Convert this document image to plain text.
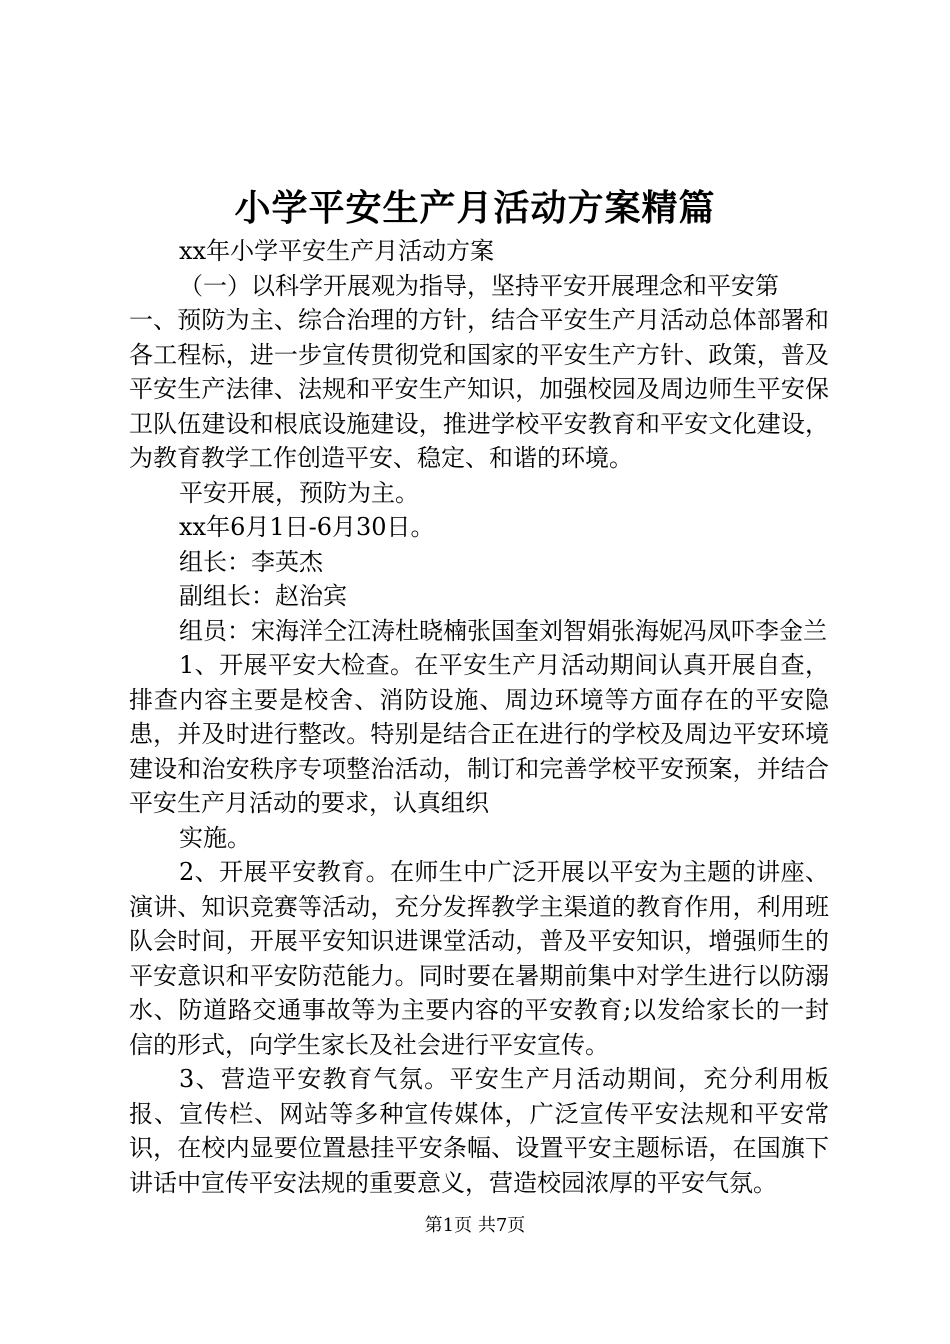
小学平安生产月活动方案精篇

xx年小学平安生产月活动方案

（一）以科学开展观为指导，坚持平安开展理念和平安第

一、预防为主、综合治理的方针，结合平安生产月活动总体部署和各工程标，进一步宣传贯彻党和国家的平安生产方针、政策，普及平安生产法律、法规和平安生产知识，加强校园及周边师生平安保卫队伍建设和根底设施建设，推进学校平安教育和平安文化建设，为教育教学工作创造平安、稳定、和谐的环境。

平安开展，预防为主。

xx年6月1日-6月30日。

组长：李英杰

副组长：赵治宾

组员：宋海洋仝江涛杜晓楠张国奎刘智娟张海妮冯凤吓李金兰

1、开展平安大检查。在平安生产月活动期间认真开展自查，排查内容主要是校舍、消防设施、周边环境等方面存在的平安隐患，并及时进行整改。特别是结合正在进行的学校及周边平安环境建设和治安秩序专项整治活动，制订和完善学校平安预案，并结合平安生产月活动的要求，认真组织

实施。

2、开展平安教育。在师生中广泛开展以平安为主题的讲座、演讲、知识竞赛等活动，充分发挥教学主渠道的教育作用，利用班队会时间，开展平安知识进课堂活动，普及平安知识，增强师生的平安意识和平安防范能力。同时要在暑期前集中对学生进行以防溺水、防道路交通事故等为主要内容的平安教育;以发给家长的一封信的形式，向学生家长及社会进行平安宣传。

3、营造平安教育气氛。平安生产月活动期间，充分利用板报、宣传栏、网站等多种宣传媒体，广泛宣传平安法规和平安常识，在校内显要位置悬挂平安条幅、设置平安主题标语，在国旗下讲话中宣传平安法规的重要意义，营造校园浓厚的平安气氛。

第1页 共7页
